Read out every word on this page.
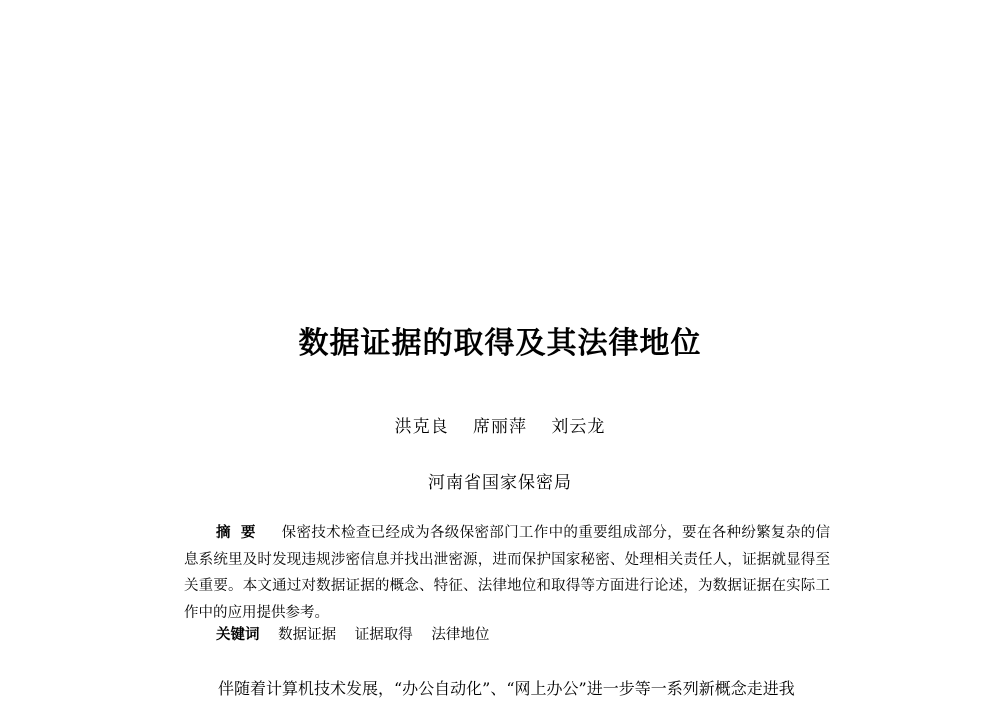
数据证据的取得及其法律地位
洪克良 席丽萍 刘云龙
河南省国家保密局
摘要 保密技术检查已经成为各级保密部门工作中的重要组成部分，要在各种纷繁复杂的信息系统里及时发现违规涉密信息并找出泄密源，进而保护国家秘密、处理相关责任人，证据就显得至关重要。本文通过对数据证据的概念、特征、法律地位和取得等方面进行论述，为数据证据在实际工作中的应用提供参考。
关键词 数据证据 证据取得 法律地位
伴随着计算机技术发展，“办公自动化”、“网上办公”进一步等一系列新概念走进我
